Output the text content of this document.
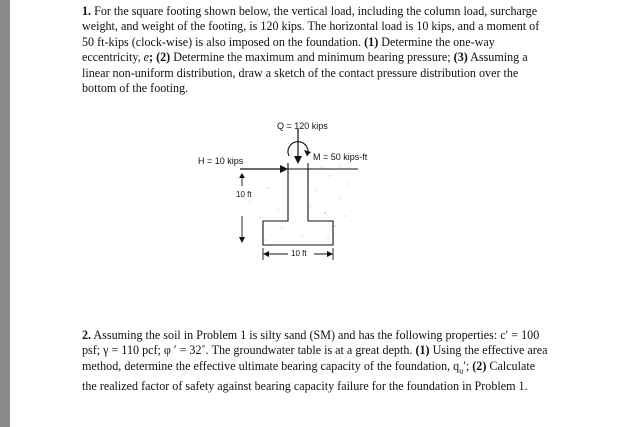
1. For the square footing shown below, the vertical load, including the column load, surcharge weight, and weight of the footing, is 120 kips. The horizontal load is 10 kips, and a moment of 50 ft-kips (clock-wise) is also imposed on the foundation. (1) Determine the one-way eccentricity, e; (2) Determine the maximum and minimum bearing pressure; (3) Assuming a linear non-uniform distribution, draw a sketch of the contact pressure distribution over the bottom of the footing.
Q = 120 kips
M = 50 kips-ft
H = 10 kips
10 ft
10 ft
2. Assuming the soil in Problem 1 is silty sand (SM) and has the following properties: c′ = 100 psf; γ = 110 pcf; φ ′ = 32˚. The groundwater table is at a great depth. (1) Using the effective area method, determine the effective ultimate bearing capacity of the foundation, $q_u'$; (2) Calculate the realized factor of safety against bearing capacity failure for the foundation in Problem 1.
